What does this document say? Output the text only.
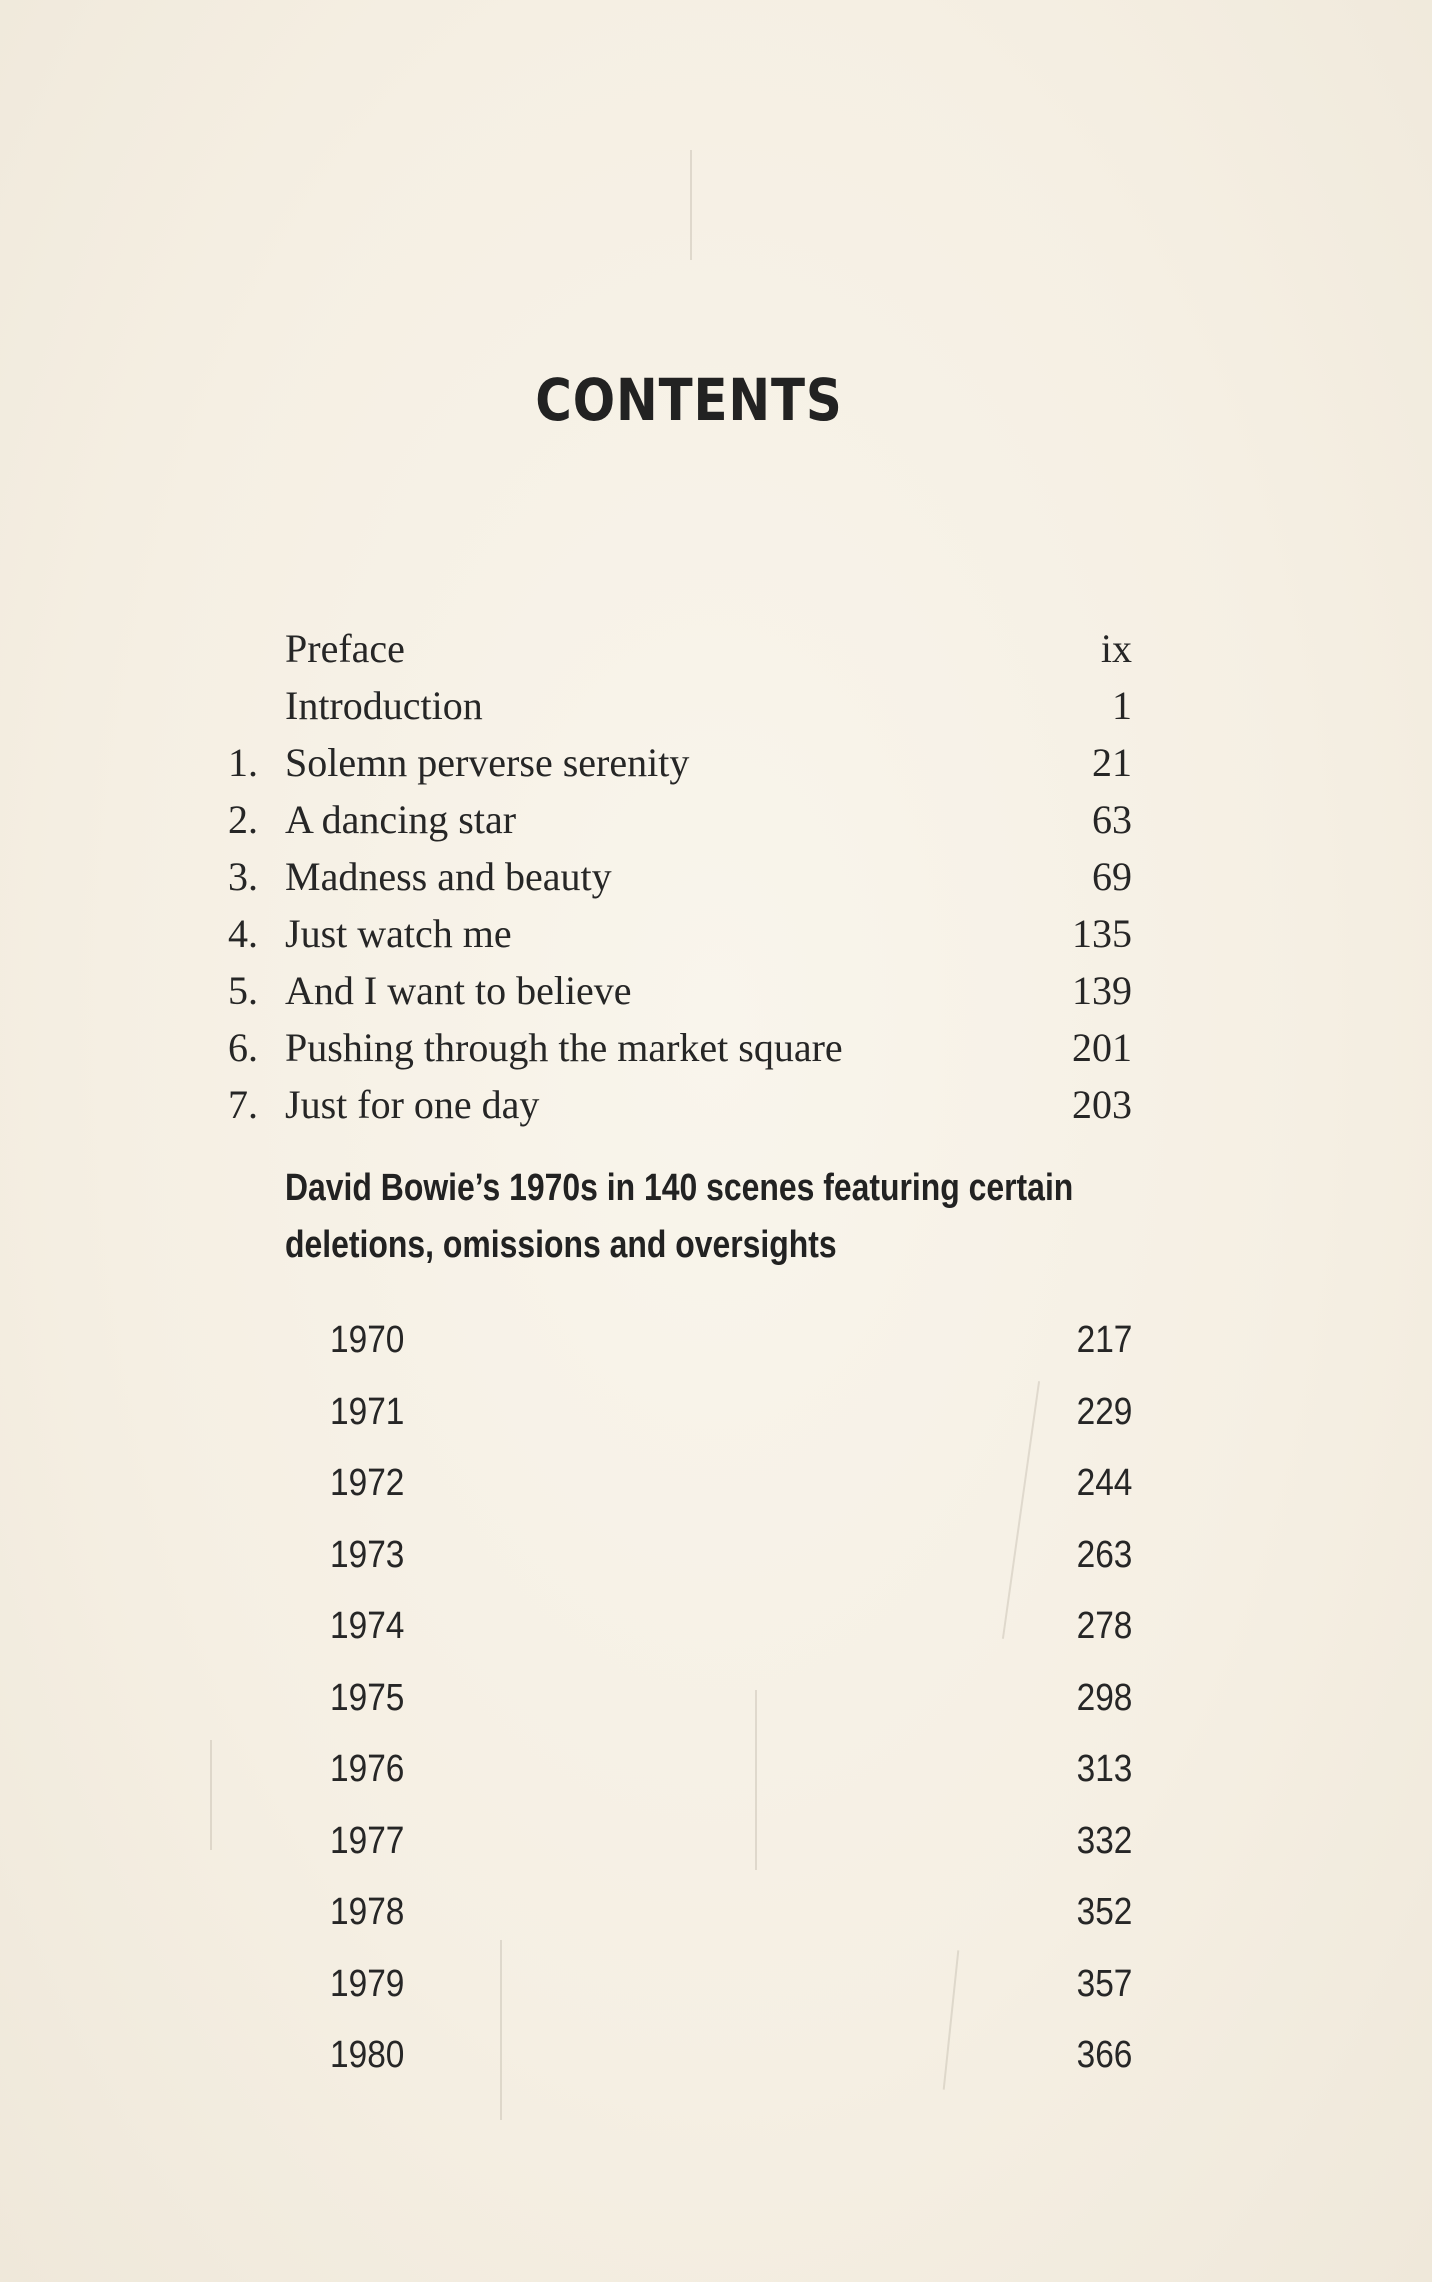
CONTENTS
Preface	ix
Introduction	1
1. Solemn perverse serenity	21
2. A dancing star	63
3. Madness and beauty	69
4. Just watch me	135
5. And I want to believe	139
6. Pushing through the market square	201
7. Just for one day	203
David Bowie’s 1970s in 140 scenes featuring certain
deletions, omissions and oversights
1970	217
1971	229
1972	244
1973	263
1974	278
1975	298
1976	313
1977	332
1978	352
1979	357
1980	366
